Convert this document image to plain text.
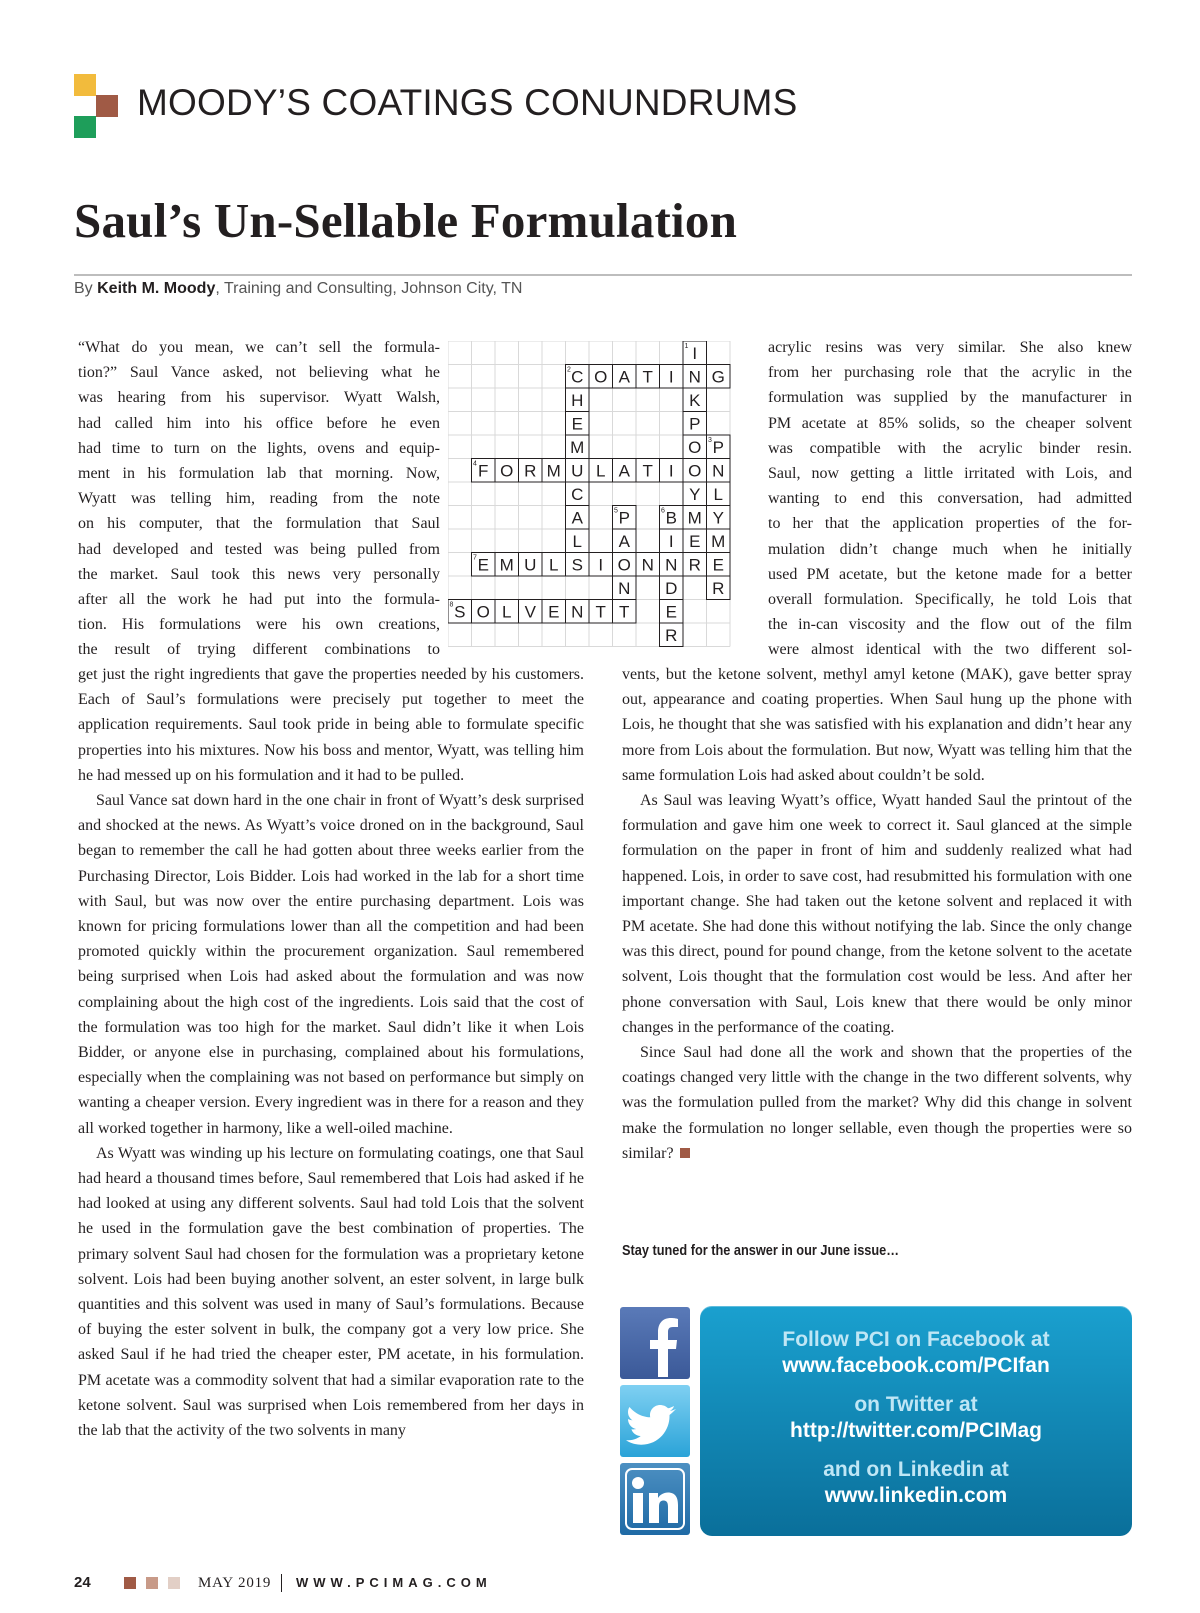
MOODY’S COATINGS CONUNDRUMS
Saul’s Un-Sellable Formulation
By Keith M. Moody, Training and Consulting, Johnson City, TN
“What do you mean, we can’t sell the formula-
tion?” Saul Vance asked, not believing what he
was hearing from his supervisor. Wyatt Walsh,
had called him into his office before he even
had time to turn on the lights, ovens and equip-
ment in his formulation lab that morning. Now,
Wyatt was telling him, reading from the note
on his computer, that the formulation that Saul
had developed and tested was being pulled from
the market. Saul took this news very personally
after all the work he had put into the formula-
tion. His formulations were his own creations,
the result of trying different combinations to

get just the right ingredients that gave the properties needed by his customers. Each of Saul’s formulations were precisely put together to meet the application requirements. Saul took pride in being able to formulate specific properties into his mixtures. Now his boss and mentor, Wyatt, was telling him he had messed up on his formulation and it had to be pulled.

Saul Vance sat down hard in the one chair in front of Wyatt’s desk surprised and shocked at the news. As Wyatt’s voice droned on in the background, Saul began to remember the call he had gotten about three weeks earlier from the Purchasing Director, Lois Bidder. Lois had worked in the lab for a short time with Saul, but was now over the entire purchasing department. Lois was known for pricing formulations lower than all the competition and had been promoted quickly within the procurement organization. Saul remembered being surprised when Lois had asked about the formulation and was now complaining about the high cost of the ingredients. Lois said that the cost of the formulation was too high for the market. Saul didn’t like it when Lois Bidder, or anyone else in purchasing, complained about his formulations, especially when the complaining was not based on performance but simply on wanting a cheaper version. Every ingredient was in there for a reason and they all worked together in harmony, like a well-oiled machine.

As Wyatt was winding up his lecture on formulating coatings, one that Saul had heard a thousand times before, Saul remembered that Lois had asked if he had looked at using any different solvents. Saul had told Lois that the solvent he used in the formulation gave the best combination of properties. The primary solvent Saul had chosen for the formulation was a proprietary ketone solvent. Lois had been buying another solvent, an ester solvent, in large bulk quantities and this solvent was used in many of Saul’s formulations. Because of buying the ester solvent in bulk, the company got a very low price. She asked Saul if he had tried the cheaper ester, PM acetate, in his formulation. PM acetate was a commodity solvent that had a similar evaporation rate to the ketone solvent. Saul was surprised when Lois remembered from her days in the lab that the activity of the two solvents in many

I
1
N
K
P
O
O
Y
M
E
R
C
2 O A T I G
H
E
M
U
C
A
L
P
3
N
L
Y
M
E
R
F
4 O R M L A T I
P
5
A
O
N
T
B
6
I
N
D
E
R
E
7 M U L S I N
S
8 O L V E N T
acrylic resins was very similar. She also knew
from her purchasing role that the acrylic in the
formulation was supplied by the manufacturer in
PM acetate at 85% solids, so the cheaper solvent
was compatible with the acrylic binder resin.
Saul, now getting a little irritated with Lois, and
wanting to end this conversation, had admitted
to her that the application properties of the for-
mulation didn’t change much when he initially
used PM acetate, but the ketone made for a better
overall formulation. Specifically, he told Lois that
the in-can viscosity and the flow out of the film
were almost identical with the two different sol-

vents, but the ketone solvent, methyl amyl ketone (MAK), gave better spray out, appearance and coating properties. When Saul hung up the phone with Lois, he thought that she was satisfied with his explanation and didn’t hear any more from Lois about the formulation. But now, Wyatt was telling him that the same formulation Lois had asked about couldn’t be sold.

As Saul was leaving Wyatt’s office, Wyatt handed Saul the printout of the formulation and gave him one week to correct it. Saul glanced at the simple formulation on the paper in front of him and suddenly realized what had happened. Lois, in order to save cost, had resubmitted his formulation with one important change. She had taken out the ketone solvent and replaced it with PM acetate. She had done this without notifying the lab. Since the only change was this direct, pound for pound change, from the ketone solvent to the acetate solvent, Lois thought that the formulation cost would be less. And after her phone conversation with Saul, Lois knew that there would be only minor changes in the performance of the coating.

Since Saul had done all the work and shown that the properties of the coatings changed very little with the change in the two different solvents, why was the formulation pulled from the market? Why did this change in solvent make the formulation no longer sellable, even though the properties were so similar?

Stay tuned for the answer in our June issue…
Follow PCI on Facebook at
www.facebook.com/PCIfan
on Twitter at
http://twitter.com/PCIMag
and on Linkedin at
www.linkedin.com
24	MAY 2019 WWW.PCIMAG.COM
